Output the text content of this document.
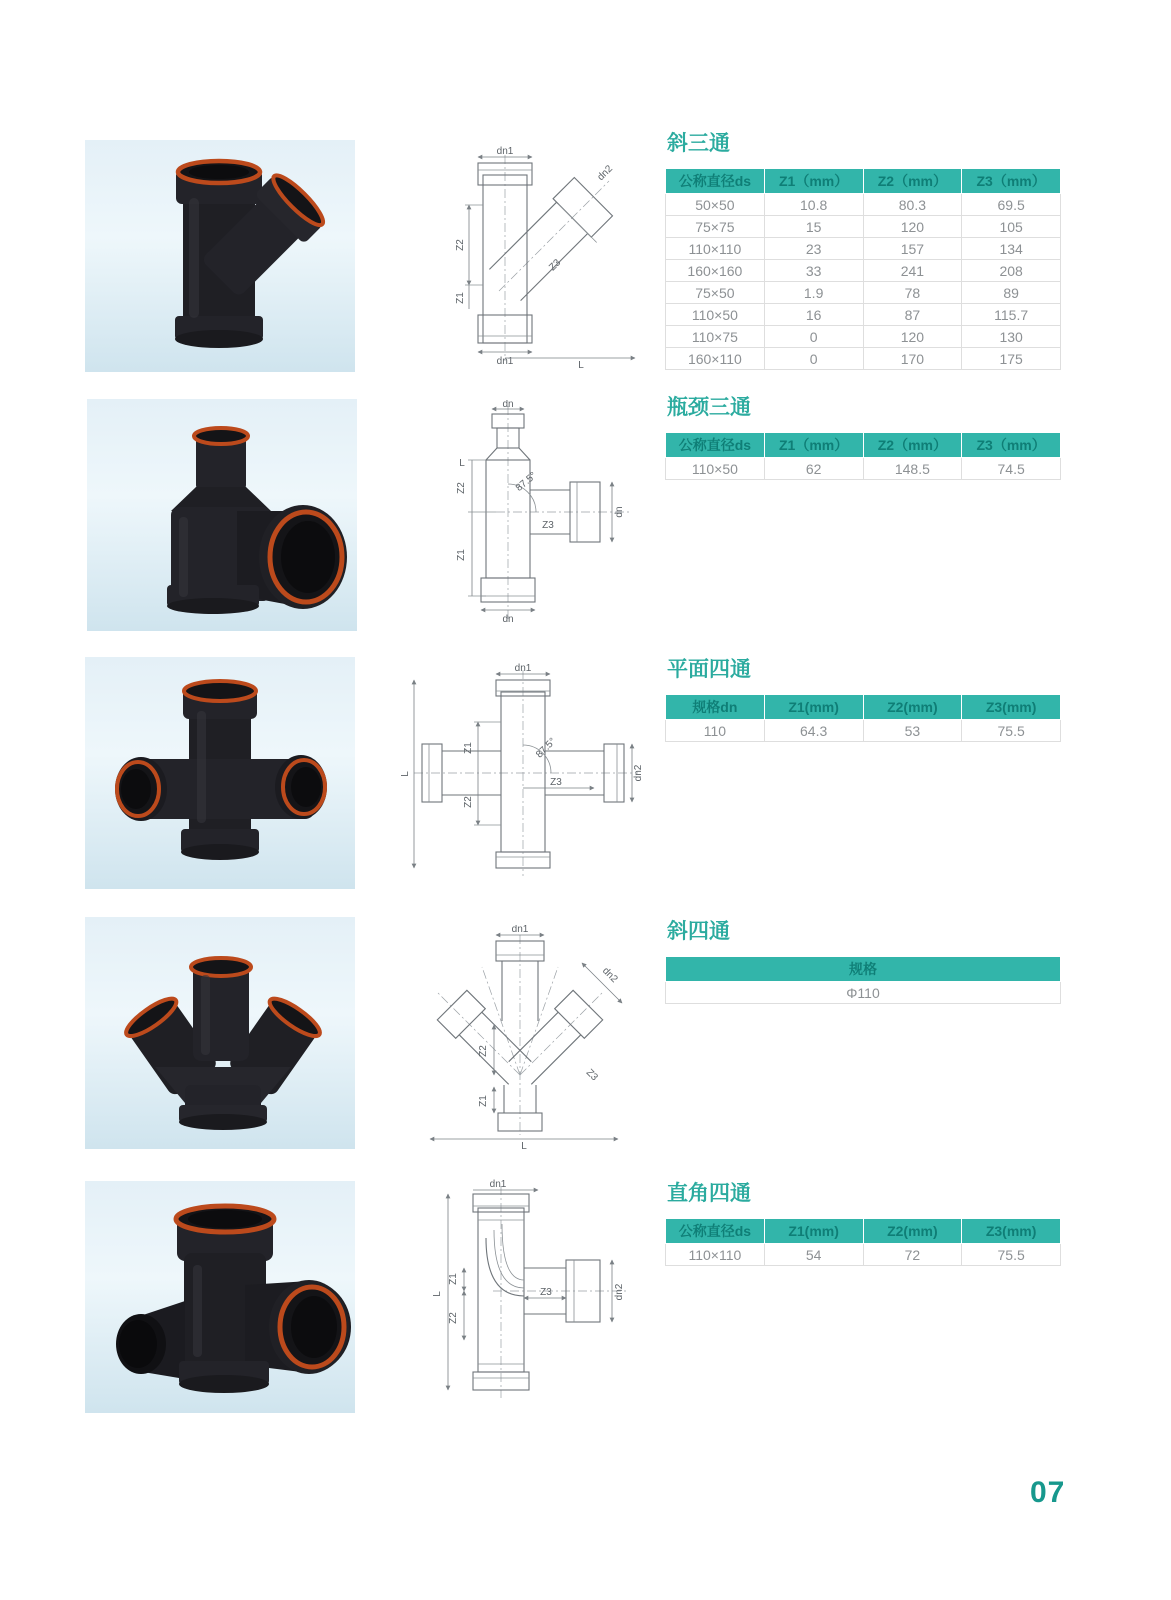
dn1
dn2
Z2
Z1
Z3
dn1	L
87.5°
dn
L
Z2
Z1
Z3
dn
dn
87.5°
dn1
Z1
Z2
L	dn2
Z3
dn1
dn2
Z2
Z1
Z3
L
dn1
Z1
L
Z2
Z3	dn2
斜三通
公称直径ds	Z1（mm）	Z2（mm）	Z3（mm）
50×50	10.8	80.3	69.5
75×75	15	120	105
110×110	23	157	134
160×160	33	241	208
75×50	1.9	78	89
110×50	16	87	115.7
110×75	0	120	130
160×110	0	170	175
瓶颈三通
公称直径ds	Z1（mm）	Z2（mm）	Z3（mm）
110×50	62	148.5	74.5
平面四通
规格dn	Z1(mm)	Z2(mm)	Z3(mm)
110	64.3	53	75.5
斜四通
规格
Φ110
直角四通
公称直径ds	Z1(mm)	Z2(mm)	Z3(mm)
110×110	54	72	75.5
07
